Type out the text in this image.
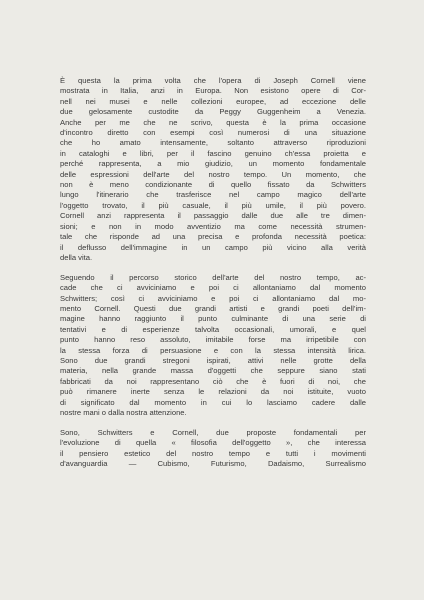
È questa la prima volta che l'opera di Joseph Cornell viene
mostrata in Italia, anzi in Europa. Non esistono opere di Cor-
nell nei musei e nelle collezioni europee, ad eccezione delle
due gelosamente custodite da Peggy Guggenheim a Venezia.
Anche per me che ne scrivo, questa è la prima occasione
d'incontro diretto con esempi così numerosi di una situazione
che ho amato intensamente, soltanto attraverso riproduzioni
in cataloghi e libri, per il fascino genuino ch'essa proietta e
perché rappresenta, a mio giudizio, un momento fondamentale
delle espressioni dell'arte del nostro tempo. Un momento, che
non è meno condizionante di quello fissato da Schwitters
lungo l'itinerario che trasferisce nel campo magico dell'arte
l'oggetto trovato, il più casuale, il più umile, il più povero.
Cornell anzi rappresenta il passaggio dalle due alle tre dimen-
sioni; e non in modo avventizio ma come necessità strumen-
tale che risponde ad una precisa e profonda necessità poetica:
il deflusso dell'immagine in un campo più vicino alla verità
della vita.
Seguendo il percorso storico dell'arte del nostro tempo, ac-
cade che ci avviciniamo e poi ci allontaniamo dal momento
Schwitters; così ci avviciniamo e poi ci allontaniamo dal mo-
mento Cornell. Questi due grandi artisti e grandi poeti dell'im-
magine hanno raggiunto il punto culminante di una serie di
tentativi e di esperienze talvolta occasionali, umorali, e quel
punto hanno reso assoluto, imitabile forse ma irripetibile con
la stessa forza di persuasione e con la stessa intensità lirica.
Sono due grandi stregoni ispirati, attivi nelle grotte della
materia, nella grande massa d'oggetti che seppure siano stati
fabbricati da noi rappresentano ciò che è fuori di noi, che
può rimanere inerte senza le relazioni da noi istituite, vuoto
di significato dal momento in cui lo lasciamo cadere dalle
nostre mani o dalla nostra attenzione.
Sono, Schwitters e Cornell, due proposte fondamentali per
l'evoluzione di quella « filosofia dell'oggetto », che interessa
il pensiero estetico del nostro tempo e tutti i movimenti
d'avanguardia — Cubismo, Futurismo, Dadaismo, Surrealismo
